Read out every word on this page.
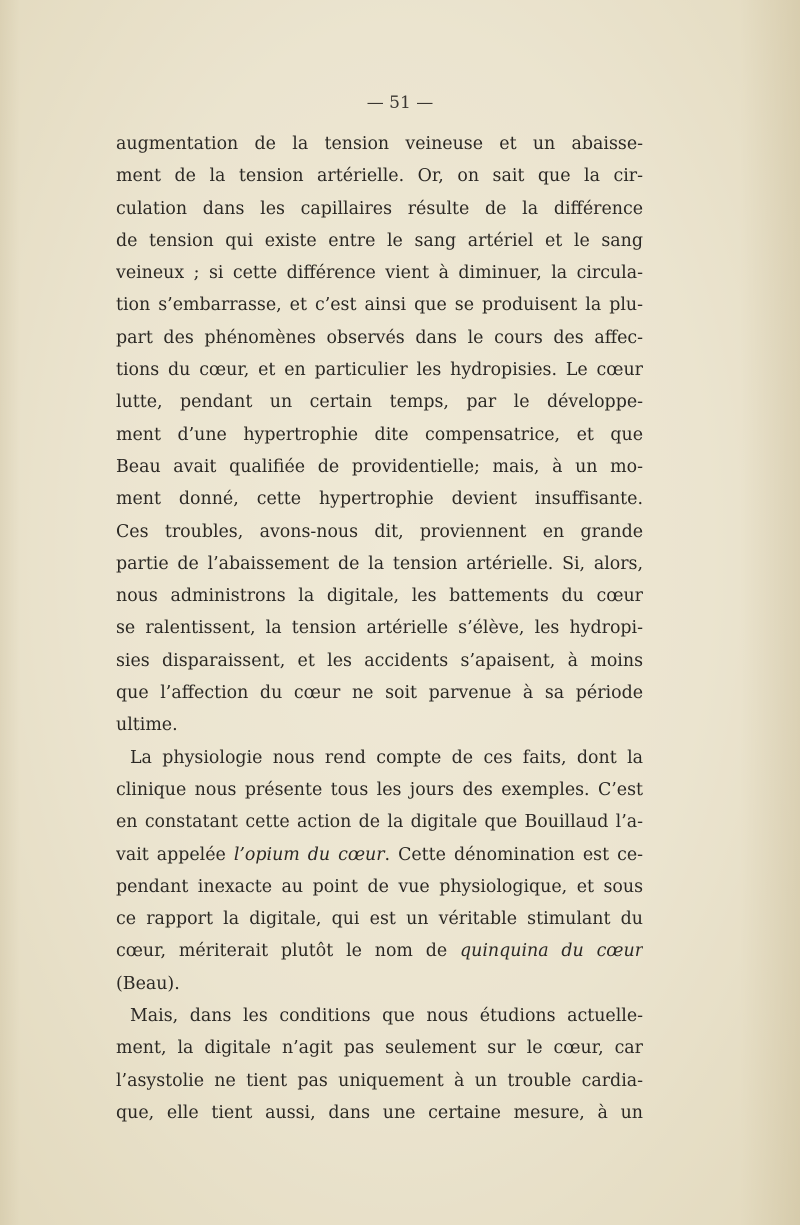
— 51 —
augmentation de la tension veineuse et un abaisse-
ment de la tension artérielle. Or, on sait que la cir-
culation dans les capillaires résulte de la différence
de tension qui existe entre le sang artériel et le sang
veineux ; si cette différence vient à diminuer, la circula-
tion s’embarrasse, et c’est ainsi que se produisent la plu-
part des phénomènes observés dans le cours des affec-
tions du cœur, et en particulier les hydropisies. Le cœur
lutte, pendant un certain temps, par le développe-
ment d’une hypertrophie dite compensatrice, et que
Beau avait qualifiée de providentielle; mais, à un mo-
ment donné, cette hypertrophie devient insuffisante.
Ces troubles, avons-nous dit, proviennent en grande
partie de l’abaissement de la tension artérielle. Si, alors,
nous administrons la digitale, les battements du cœur
se ralentissent, la tension artérielle s’élève, les hydropi-
sies disparaissent, et les accidents s’apaisent, à moins
que l’affection du cœur ne soit parvenue à sa période
ultime.
La physiologie nous rend compte de ces faits, dont la
clinique nous présente tous les jours des exemples. C’est
en constatant cette action de la digitale que Bouillaud l’a-
vait appelée l’opium du cœur. Cette dénomination est ce-
pendant inexacte au point de vue physiologique, et sous
ce rapport la digitale, qui est un véritable stimulant du
cœur, mériterait plutôt le nom de quinquina du cœur
(Beau).
Mais, dans les conditions que nous étudions actuelle-
ment, la digitale n’agit pas seulement sur le cœur, car
l’asystolie ne tient pas uniquement à un trouble cardia-
que, elle tient aussi, dans une certaine mesure, à un
